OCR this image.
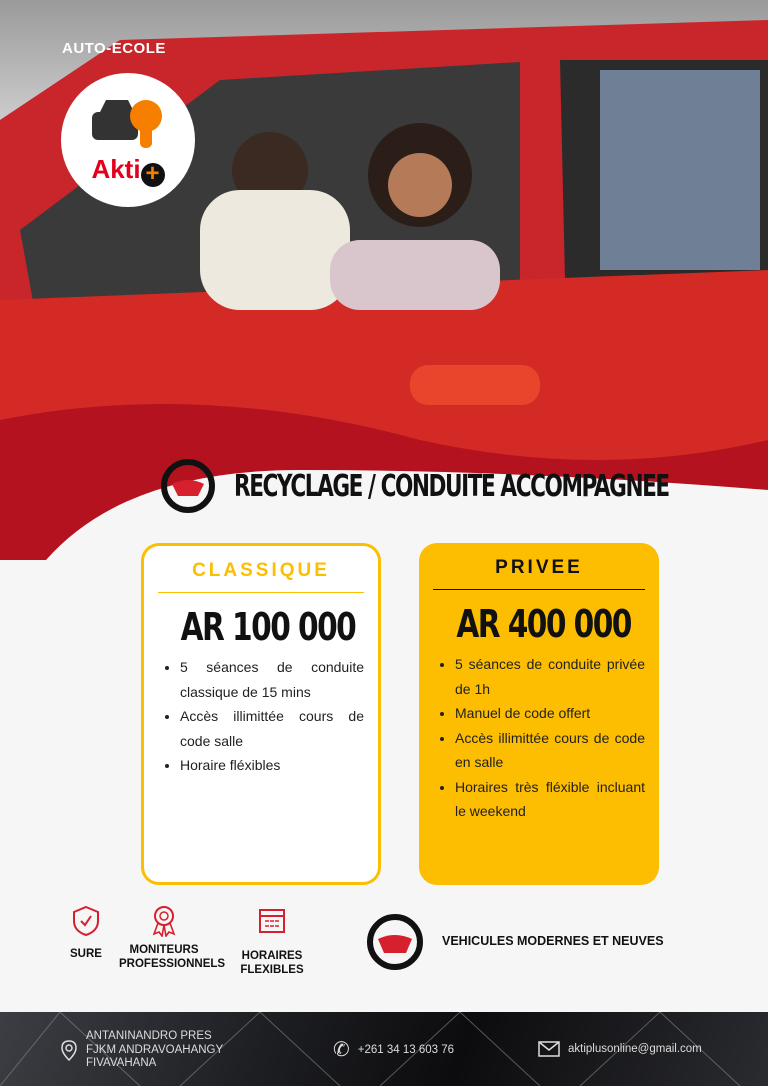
AUTO-ECOLE
Akti +
RECYCLAGE / CONDUITE ACCOMPAGNEE
CLASSIQUE
AR 100 000
• 5 séances de conduite classique de 15 mins
• Accès illimittée cours de code salle
• Horaire fléxibles
PRIVEE
AR 400 000
• 5 séances de conduite privée de 1h
• Manuel de code offert
• Accès illimittée cours de code en salle
• Horaires très fléxible incluant le weekend
SURE	MONITEURS PROFESSIONNELS
HORAIRES FLEXIBLES
VEHICULES MODERNES ET NEUVES
ANTANINANDRO PRES
FJKM ANDRAVOAHANGY
FIVAVAHANA
✆ +261 34 13 603 76	aktiplusonline@gmail.com
